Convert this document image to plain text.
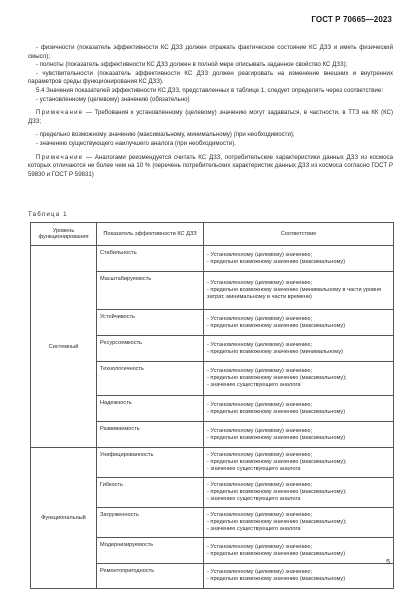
ГОСТ Р 70665—2023

- физичности (показатель эффективности КС ДЗЗ должен отражать фактическое состояние КС ДЗЗ и иметь физический смысл);

- полноты (показатель эффективности КС ДЗЗ должен в полной мере описывать заданное свойство КС ДЗЗ);

- чувствительности (показатель эффективности КС ДЗЗ должен реагировать на изменение внешних и внутренних параметров среды функционирования КС ДЗЗ).

5.4 Значения показателей эффективности КС ДЗЗ, представленных в таблице 1, следует определять через соответствие:

- установленному (целевому) значению (обязательно)

Примечание — Требования к установленному (целевому) значению могут задаваться, в частности, в ТТЗ на КК (КС) ДЗЗ;

- предельно возможному значению (максимальному, минимальному) (при необходимости);

- значению существующего наилучшего аналога (при необходимости).

Примечание — Аналогами рекомендуется считать КС ДЗЗ, потребительские характеристики данных ДЗЗ из космоса которых отличаются не более чем на 10 % (перечень потребительских характеристик данных ДЗЗ из космоса согласно ГОСТ Р 59830 и ГОСТ Р 59831)

Таблица 1
Уровень функционирования	Показатель эффективности КС ДЗЗ	Соответствие
Системный	Стабильность	- Установленному (целевому) значению;
- предельно возможному значению (максимальному)

	Масштабируемость	- Установленному (целевому) значению;
- предельно возможному значению (минимальному в части уровня затрат, минимальному в части времени)

	Устойчивость	- Установленному (целевому) значению;
- предельно возможному значению (максимальному)

	Ресурсоемкость	- Установленному (целевому) значению;
- предельно возможному значению (минимальному)

	Технологичность	- Установленному (целевому) значению;
- предельно возможному значению (максимальному);
- значению существующего аналога

	Надежность	- Установленному (целевому) значению;
- предельно возможному значению (максимальному)

	Развиваемость	- Установленному (целевому) значению;
- предельно возможному значению (максимальному)

Функциональный	Унифицированность	- Установленному (целевому) значению;
- предельно возможному значению (максимальному);
- значению существующего аналога

	Гибкость	- Установленному (целевому) значению;
- предельно возможному значению (максимальному);
- значению существующего аналога

	Загруженность	- Установленному (целевому) значению;
- предельно возможному значению (максимальному);
- значению существующего аналога

	Модернизируемость	- Установленному (целевому) значению;
- предельно возможному значению (максимальному)

	Ремонтопригодность	- Установленному (целевому) значению;
- предельно возможному значению (максимальному)
5
